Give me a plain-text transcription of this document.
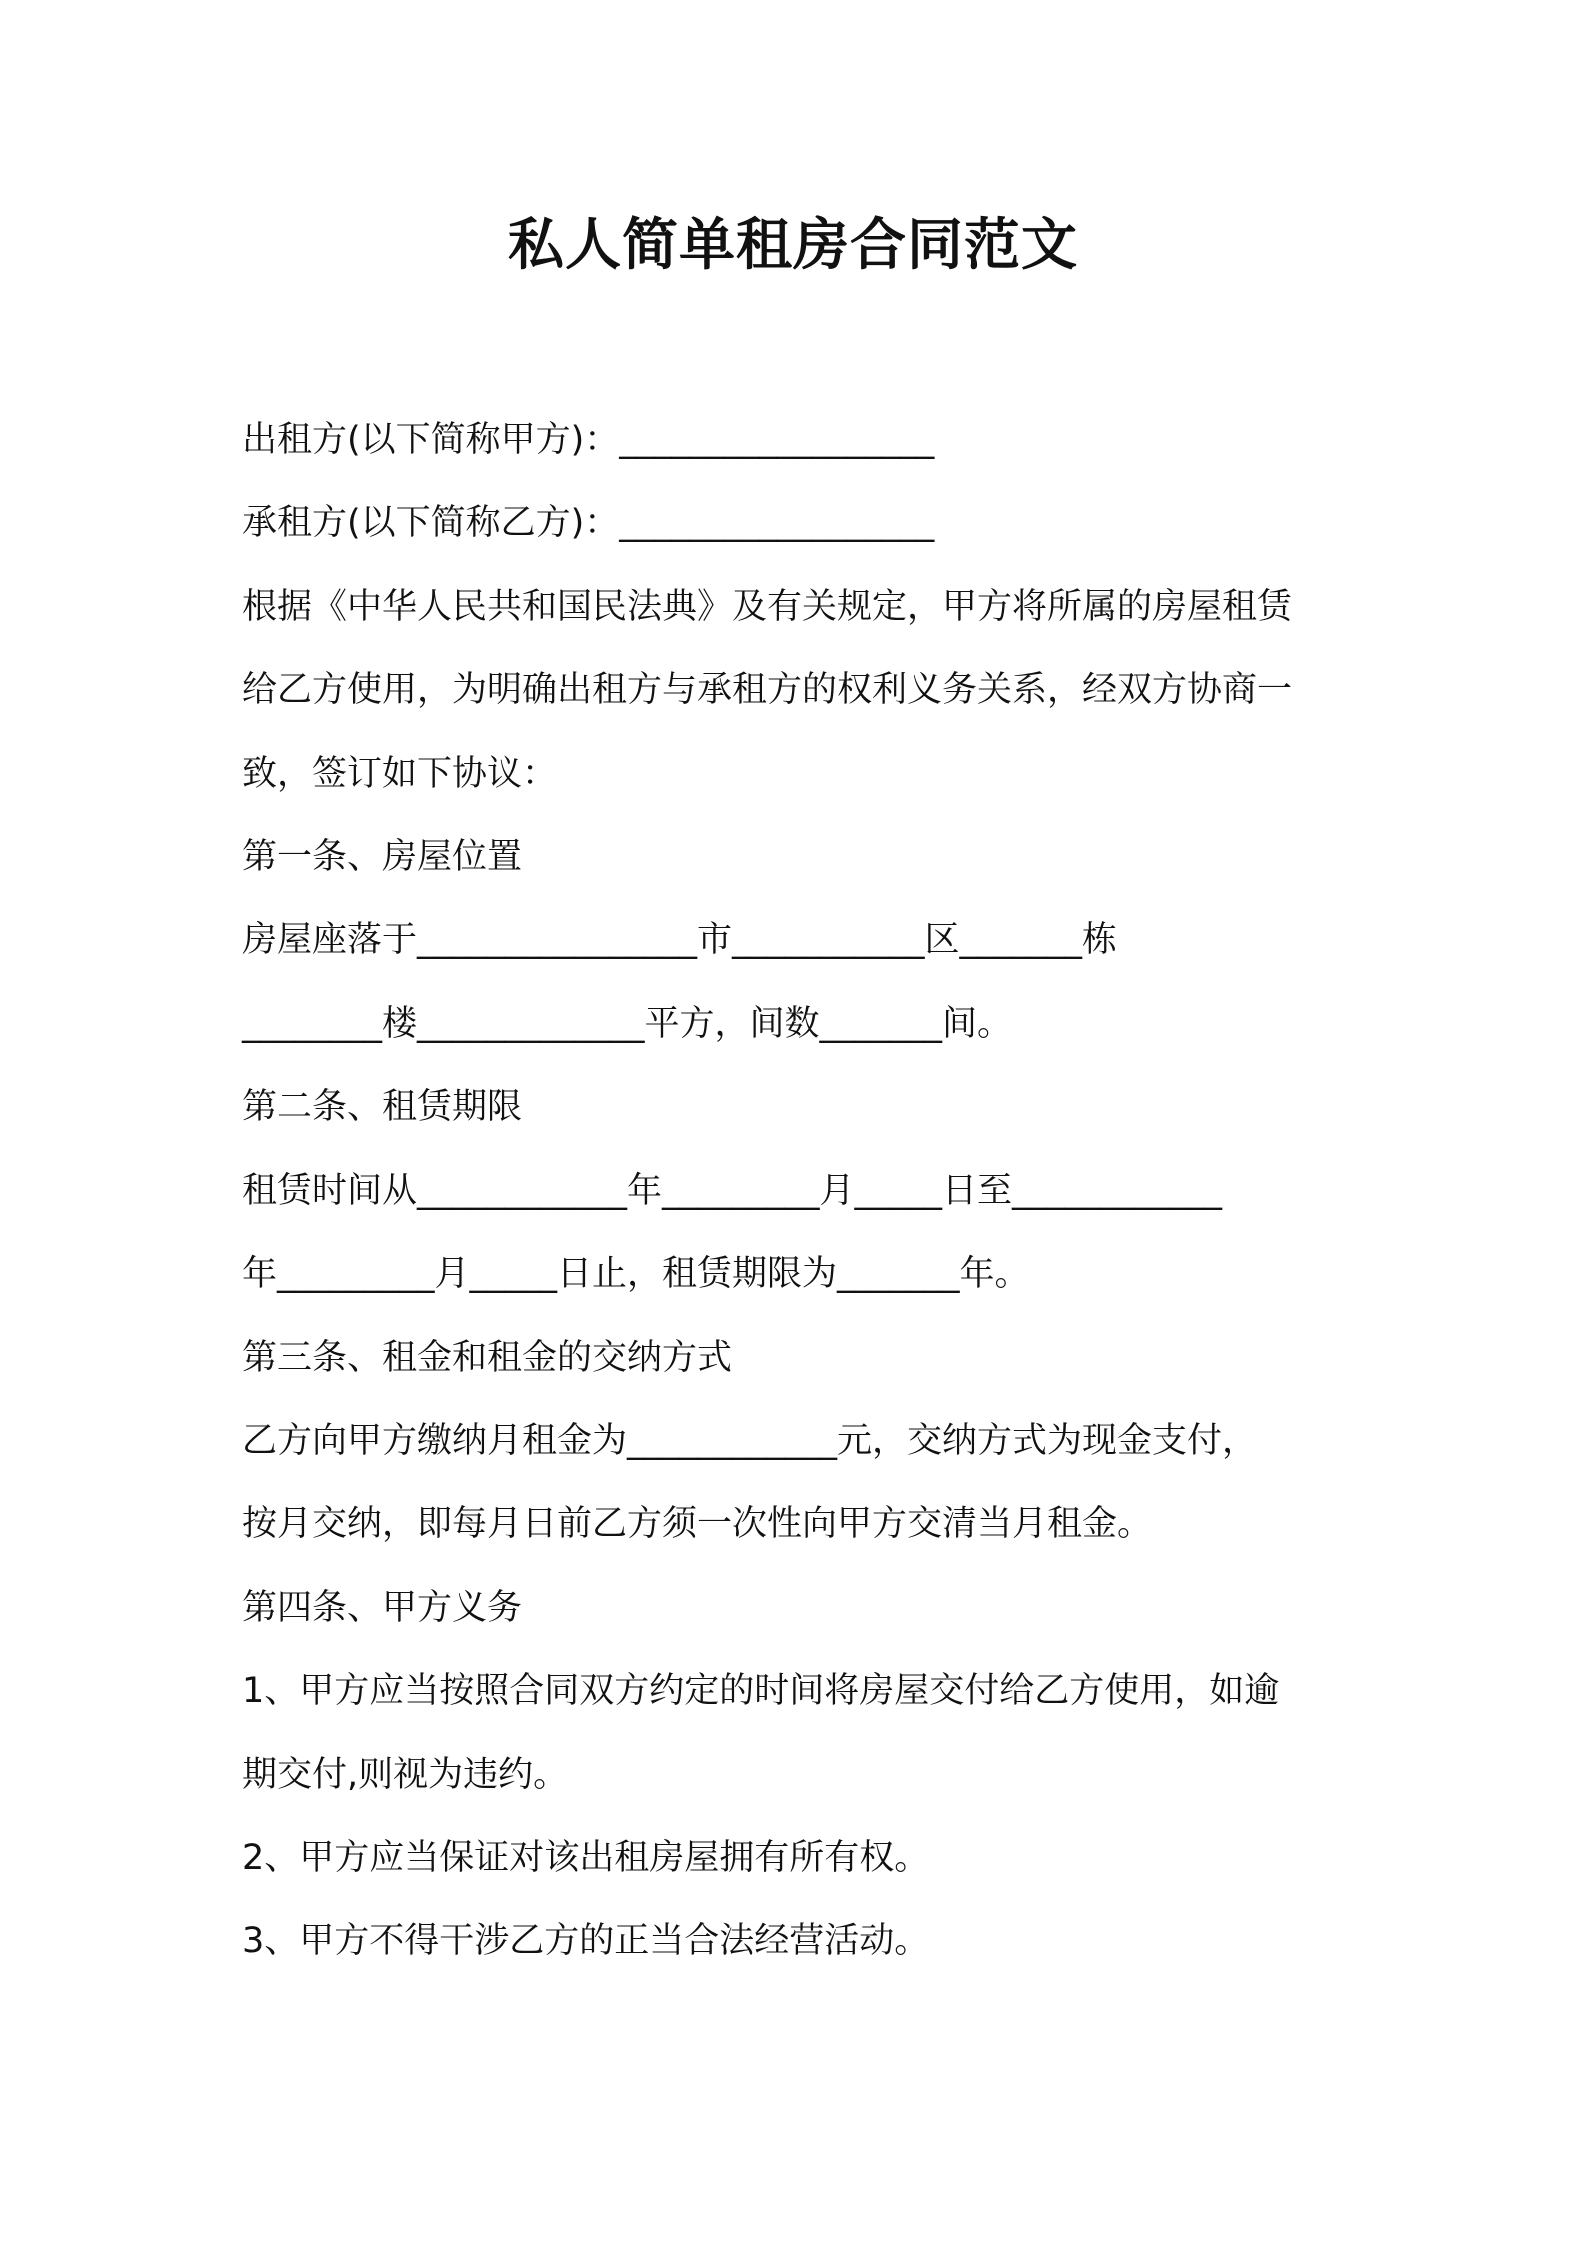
私人简单租房合同范文
出租方(以下简称甲方)：__________________
承租方(以下简称乙方)：__________________
根据《中华人民共和国民法典》及有关规定，甲方将所属的房屋租赁
给乙方使用，为明确出租方与承租方的权利义务关系，经双方协商一
致，签订如下协议：
第一条、房屋位置
房屋座落于________________市___________区_______栋
________楼_____________平方，间数_______间。
第二条、租赁期限
租赁时间从____________年_________月_____日至____________
年_________月_____日止，租赁期限为_______年。
第三条、租金和租金的交纳方式
乙方向甲方缴纳月租金为____________元，交纳方式为现金支付，
按月交纳，即每月日前乙方须一次性向甲方交清当月租金。
第四条、甲方义务
1、甲方应当按照合同双方约定的时间将房屋交付给乙方使用，如逾
期交付,则视为违约。
2、甲方应当保证对该出租房屋拥有所有权。
3、甲方不得干涉乙方的正当合法经营活动。
